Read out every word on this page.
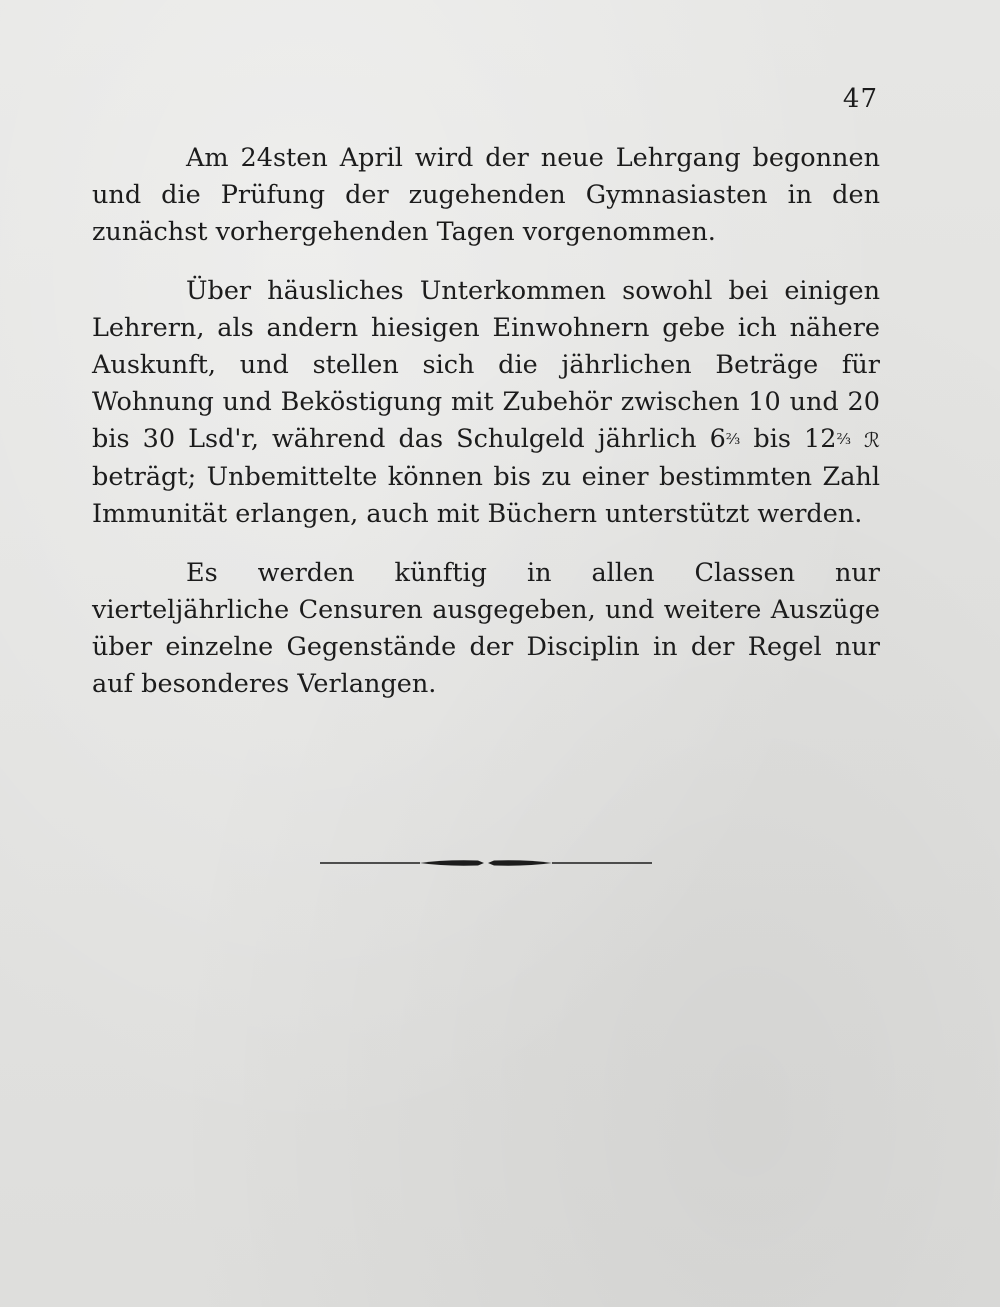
47

Am 24sten April wird der neue Lehrgang begonnen und die Prüfung der zugehenden Gymnasiasten in den zunächst vorhergehenden Tagen vorgenommen.

Über häusliches Unterkommen sowohl bei einigen Lehrern, als andern hiesigen Einwohnern gebe ich nähere Auskunft, und stellen sich die jährlichen Beträge für Wohnung und Beköstigung mit Zubehör zwischen 10 und 20 bis 30 Lsd'r, während das Schulgeld jährlich 6⅔ bis 12⅔ ℛ beträgt; Unbemittelte können bis zu einer bestimmten Zahl Immunität erlangen, auch mit Büchern unterstützt werden.

Es werden künftig in allen Classen nur vierteljährliche Censuren ausgegeben, und weitere Auszüge über einzelne Gegenstände der Disciplin in der Regel nur auf besonderes Verlangen.
